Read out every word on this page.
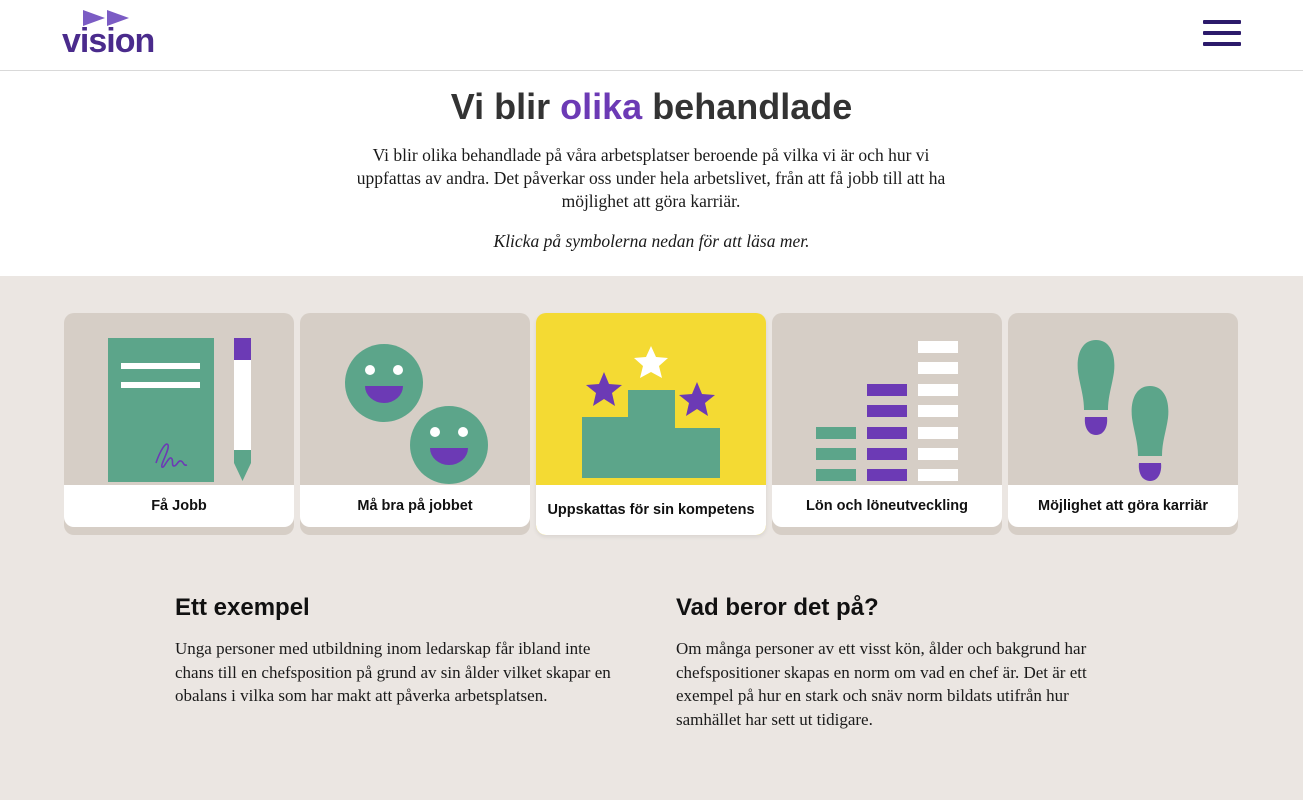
vision
Vi blir olika behandlade

Vi blir olika behandlade på våra arbetsplatser beroende på vilka vi är och hur vi uppfattas av andra. Det påverkar oss under hela arbetslivet, från att få jobb till att ha möjlighet att göra karriär.

Klicka på symbolerna nedan för att läsa mer.

Få Jobb	Må bra på jobbet	Uppskattas för sin kompetens	Lön och löneutveckling	Möjlighet att göra karriär
Ett exempel

Unga personer med utbildning inom ledarskap får ibland inte chans till en chefsposition på grund av sin ålder vilket skapar en obalans i vilka som har makt att påverka arbetsplatsen.

Vad beror det på?

Om många personer av ett visst kön, ålder och bakgrund har chefspositioner skapas en norm om vad en chef är. Det är ett exempel på hur en stark och snäv norm bildats utifrån hur samhället har sett ut tidigare.
